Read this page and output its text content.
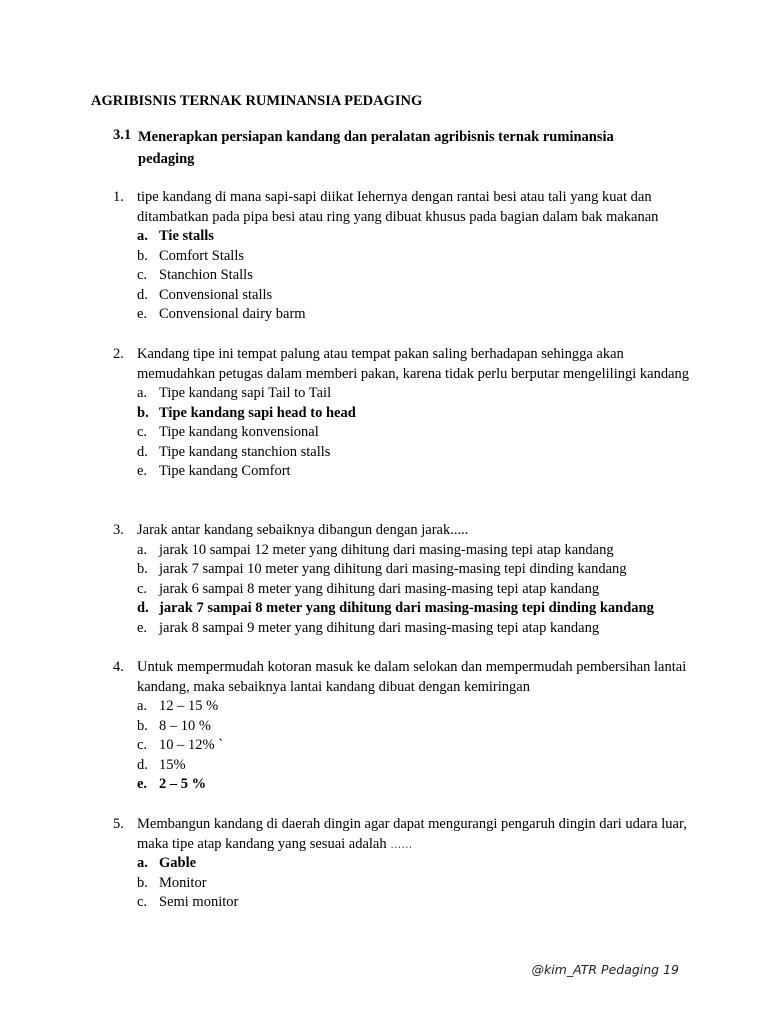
AGRIBISNIS TERNAK RUMINANSIA PEDAGING
3.1 Menerapkan persiapan kandang dan peralatan agribisnis ternak ruminansia pedaging
1. tipe kandang di mana sapi-sapi diikat Iehernya dengan rantai besi atau tali yang kuat dan ditambatkan pada pipa besi atau ring yang dibuat khusus pada bagian dalam bak makanan
a. Tie stalls
b. Comfort Stalls
c. Stanchion Stalls
d. Convensional stalls
e. Convensional dairy barm
2. Kandang tipe ini tempat palung atau tempat pakan saling berhadapan sehingga akan memudahkan petugas dalam memberi pakan, karena tidak perlu berputar mengelilingi kandang
a. Tipe kandang sapi Tail to Tail
b. Tipe kandang sapi head to head
c. Tipe kandang konvensional
d. Tipe kandang stanchion stalls
e. Tipe kandang Comfort
3. Jarak antar kandang sebaiknya dibangun dengan jarak.....
a. jarak 10 sampai 12 meter yang dihitung dari masing-masing tepi atap kandang
b. jarak 7 sampai 10 meter yang dihitung dari masing-masing tepi dinding kandang
c. jarak 6 sampai 8 meter yang dihitung dari masing-masing tepi atap kandang
d. jarak 7 sampai 8 meter yang dihitung dari masing-masing tepi dinding kandang
e. jarak 8 sampai 9 meter yang dihitung dari masing-masing tepi atap kandang
4. Untuk mempermudah kotoran masuk ke dalam selokan dan mempermudah pembersihan lantai kandang, maka sebaiknya lantai kandang dibuat dengan kemiringan
a. 12 – 15 %
b. 8 – 10 %
c. 10 – 12% `
d. 15%
e. 2 – 5 %
5. Membangun kandang di daerah dingin agar dapat mengurangi pengaruh dingin dari udara luar, maka tipe atap kandang yang sesuai adalah ……
a. Gable
b. Monitor
c. Semi monitor
@kim_ATR Pedaging 19
